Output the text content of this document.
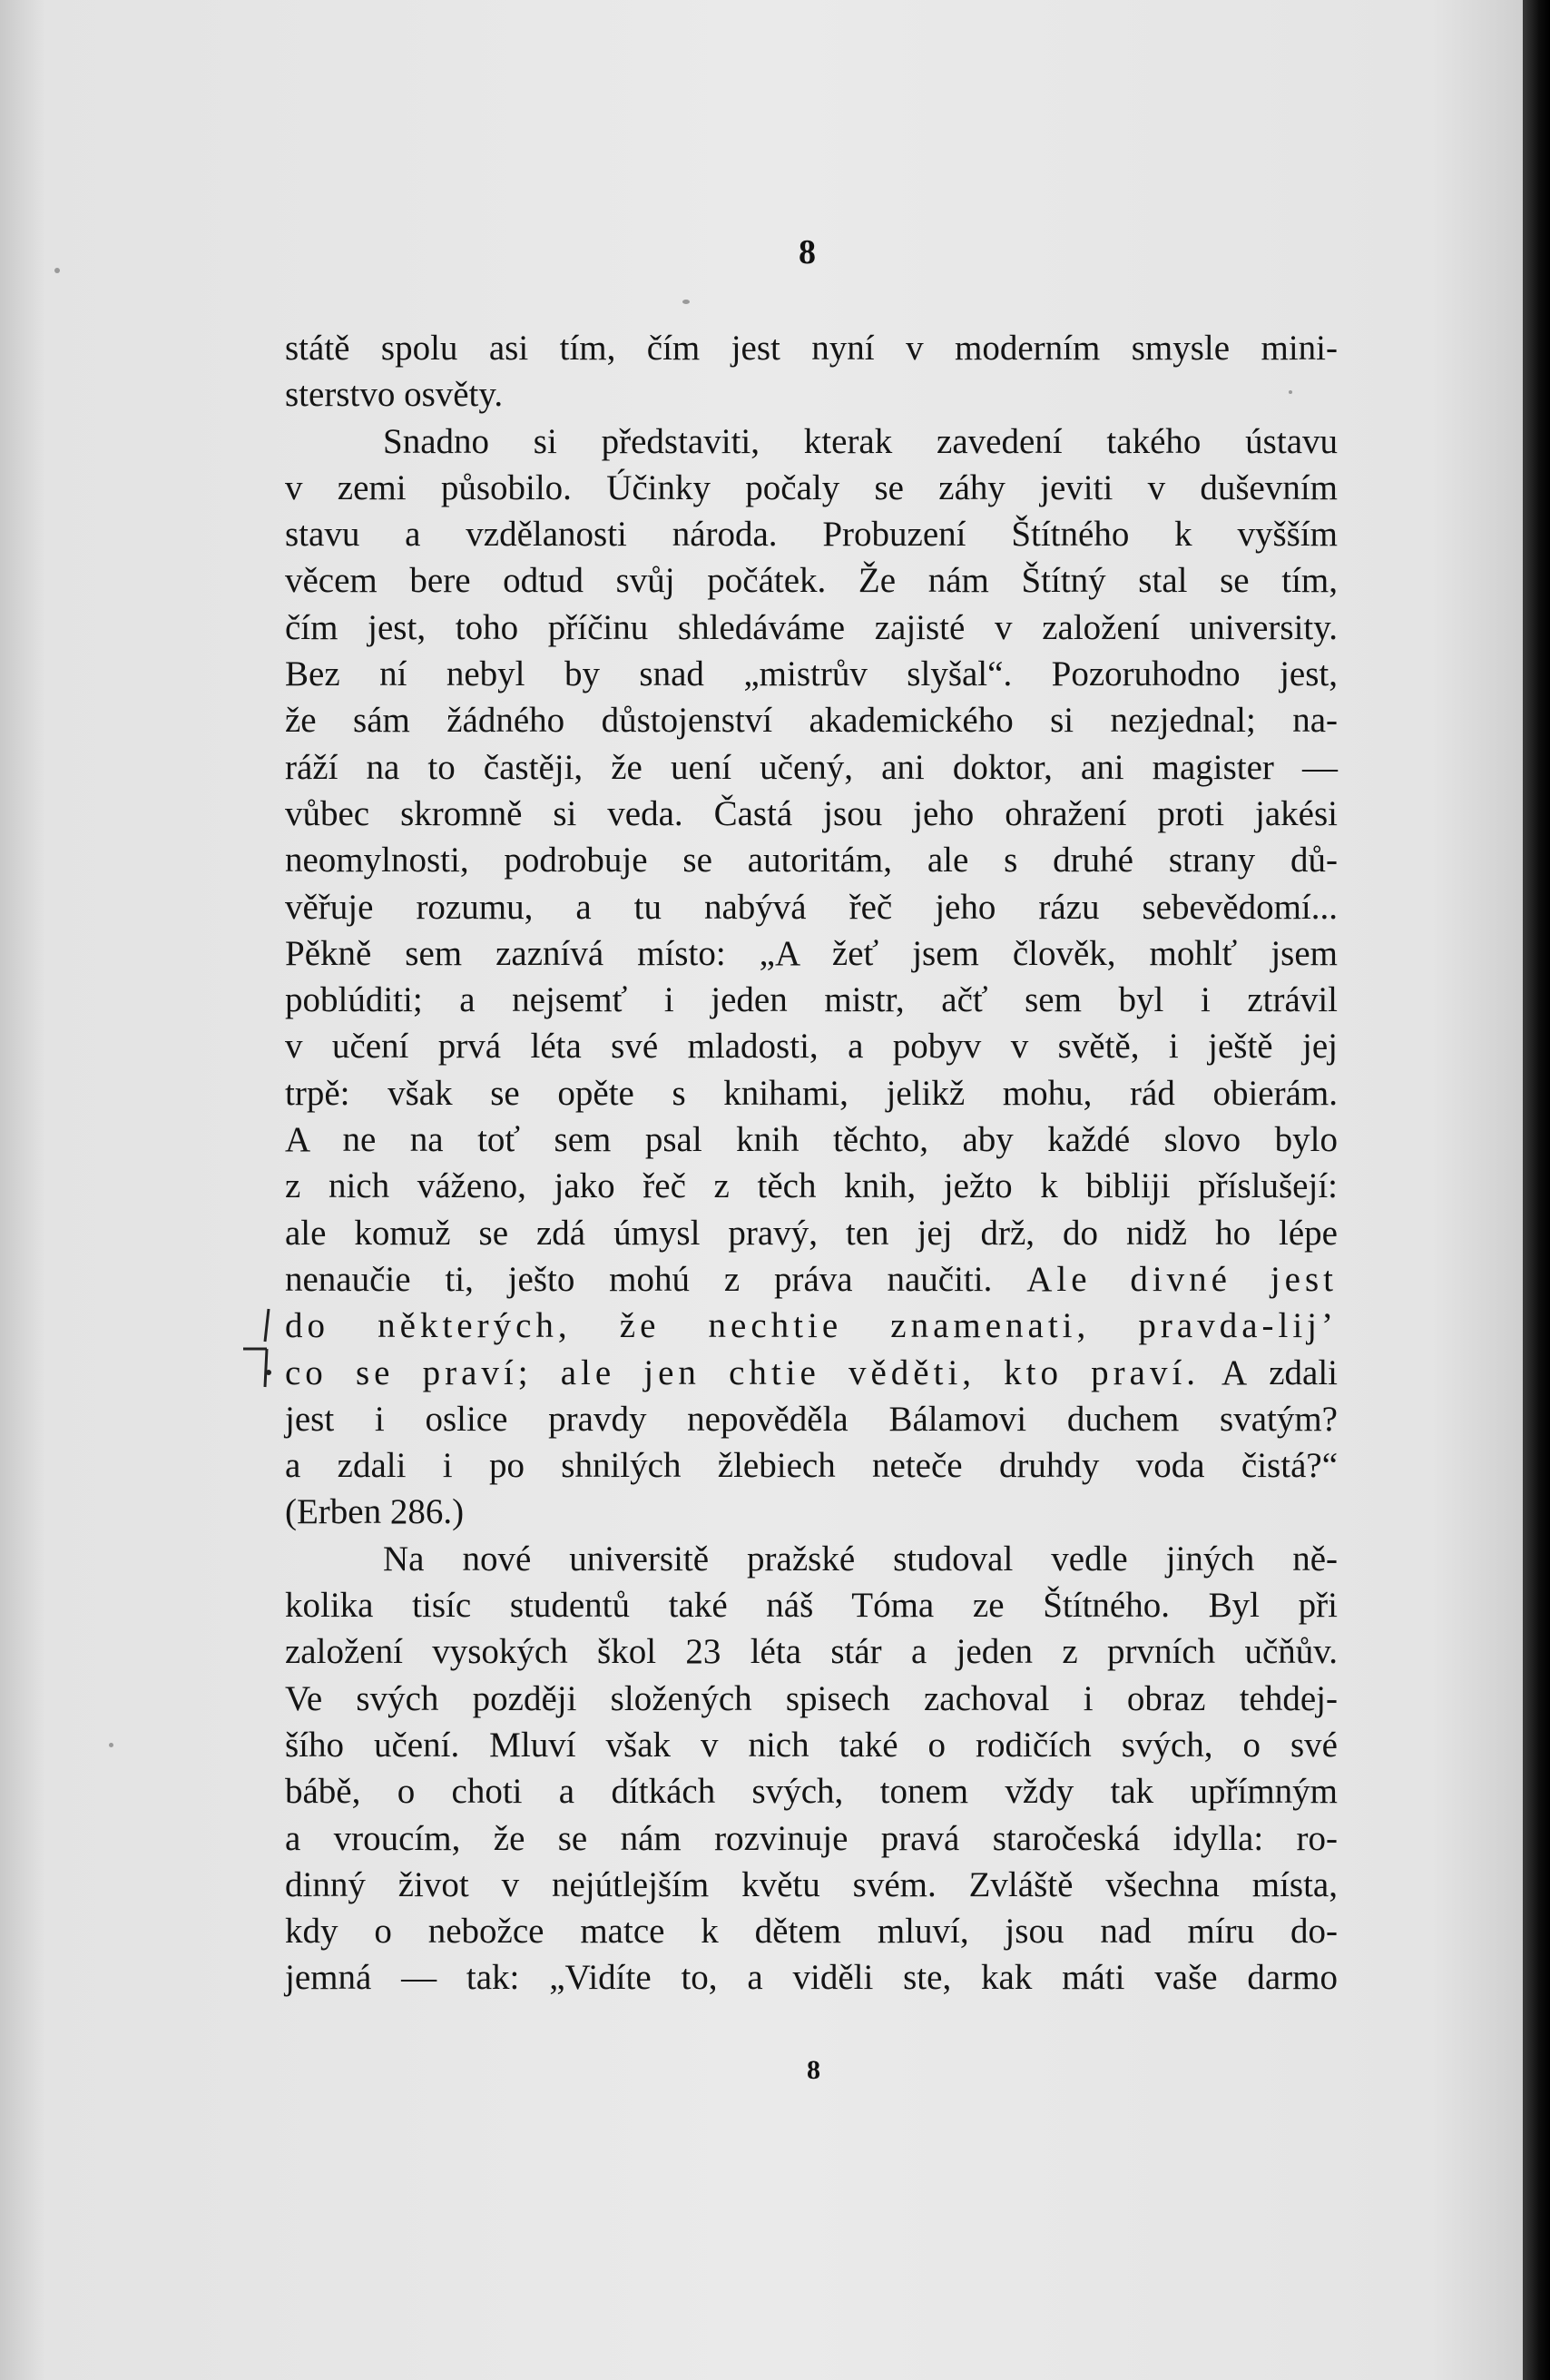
8
státě spolu asi tím, čím jest nyní v moderním smysle mini-
sterstvo osvěty.
Snadno si představiti, kterak zavedení takého ústavu
v zemi působilo. Účinky počaly se záhy jeviti v duševním
stavu a vzdělanosti národa. Probuzení Štítného k vyšším
věcem bere odtud svůj počátek. Že nám Štítný stal se tím,
čím jest, toho příčinu shledáváme zajisté v založení university.
Bez ní nebyl by snad „mistrův slyšal“. Pozoruhodno jest,
že sám žádného důstojenství akademického si nezjednal; na-
ráží na to častěji, že uení učený, ani doktor, ani magister —
vůbec skromně si veda. Častá jsou jeho ohražení proti jakési
neomylnosti, podrobuje se autoritám, ale s druhé strany dů-
věřuje rozumu, a tu nabývá řeč jeho rázu sebevědomí...
Pěkně sem zaznívá místo: „A žeť jsem člověk, mohlť jsem
poblúditi; a nejsemť i jeden mistr, ačť sem byl i ztrávil
v učení prvá léta své mladosti, a pobyv v světě, i ještě jej
trpě: však se opěte s knihami, jelikž mohu, rád obierám.
A ne na toť sem psal knih těchto, aby každé slovo bylo
z nich váženo, jako řeč z těch knih, ježto k bibliji příslušejí:
ale komuž se zdá úmysl pravý, ten jej drž, do nidž ho lépe
nenaučie ti, ješto mohú z práva naučiti. Ale divné jest
do některých, že nechtie znamenati, pravda-lij’
co se praví; ale jen chtie věděti, kto praví. A zdali
jest i oslice pravdy nepověděla Bálamovi duchem svatým?
a zdali i po shnilých žlebiech neteče druhdy voda čistá?“
(Erben 286.)
Na nové universitě pražské studoval vedle jiných ně-
kolika tisíc studentů také náš Tóma ze Štítného. Byl při
založení vysokých škol 23 léta stár a jeden z prvních učňův.
Ve svých později složených spisech zachoval i obraz tehdej-
šího učení. Mluví však v nich také o rodičích svých, o své
bábě, o choti a dítkách svých, tonem vždy tak upřímným
a vroucím, že se nám rozvinuje pravá staročeská idylla: ro-
dinný život v nejútlejším květu svém. Zvláště všechna místa,
kdy o nebožce matce k dětem mluví, jsou nad míru do-
jemná — tak: „Vidíte to, a viděli ste, kak máti vaše darmo
8
